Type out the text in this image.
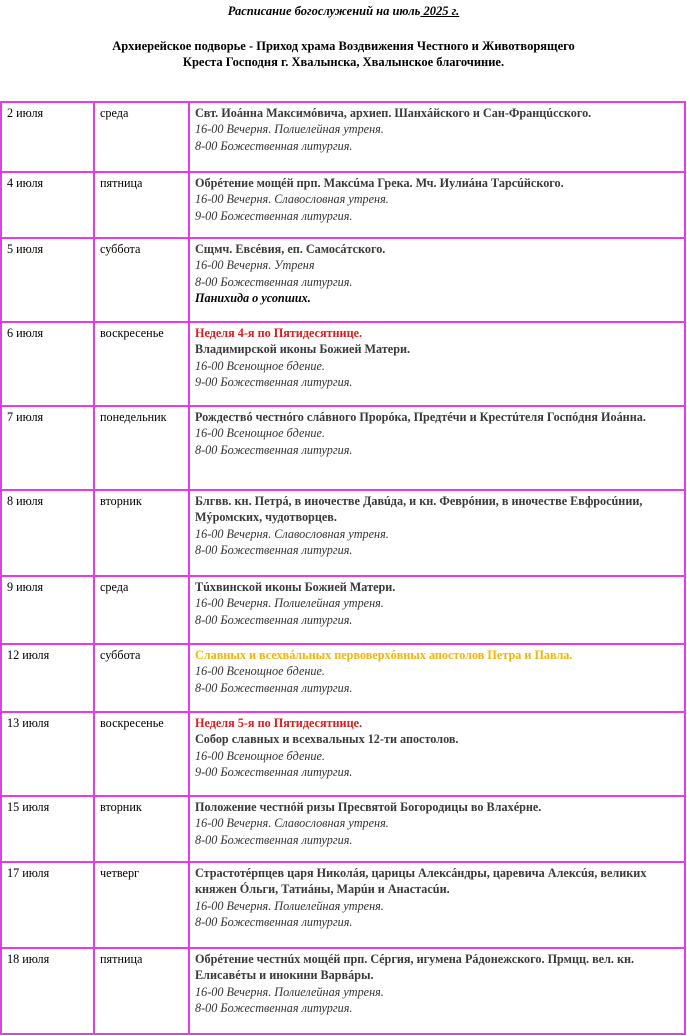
Расписание богослужений на июль 2025 г.
Архиерейское подворье - Приход храма Воздвижения Честного и Животворящего
Креста Господня г. Хвалынска, Хвалынское благочиние.
2 июля	среда	Свт. Иоáнна Максимóвича, архиеп. Шанхáйского и Сан-Францúсского.
16-00 Вечерня. Полиелейная утреня.
8-00 Божественная литургия.

4 июля	пятница	Обрéтение мощéй прп. Максúма Грека. Мч. Иулиáна Тарсúйского.
16-00 Вечерня. Славословная утреня.
9-00 Божественная литургия.

5 июля	суббота	Сщмч. Евсéвия, еп. Самосáтского.
16-00 Вечерня. Утреня
8-00 Божественная литургия.
Панихида о усопших.

6 июля	воскресенье	Неделя 4-я по Пятидесятнице.
Владимирской иконы Божией Матери.
16-00 Всенощное бдение.
9-00 Божественная литургия.

7 июля	понедельник	Рождествó честнóго слáвного Прорóка, Предтéчи и Крестúтеля Госпóдня Иоáнна.
16-00 Всенощное бдение.
8-00 Божественная литургия.

8 июля	вторник	Блгвв. кн. Петрá, в иночестве Давúда, и кн. Феврóнии, в иночестве Евфросúнии, Мýромских, чудотворцев.
16-00 Вечерня. Славословная утреня.
8-00 Божественная литургия.

9 июля	среда	Тúхвинской иконы Божией Матери.
16-00 Вечерня. Полиелейная утреня.
8-00 Божественная литургия.

12 июля	суббота	Славных и всехвáльных первоверхóвных апостолов Петра и Павла.
16-00 Всенощное бдение.
8-00 Божественная литургия.

13 июля	воскресенье	Неделя 5-я по Пятидесятнице.
Собор славных и всехвальных 12-ти апостолов.
16-00 Всенощное бдение.
9-00 Божественная литургия.

15 июля	вторник	Положение честнóй ризы Пресвятой Богородицы во Влахéрне.
16-00 Вечерня. Славословная утреня.
8-00 Божественная литургия.

17 июля	четверг	Страстотéрпцев царя Николáя, царицы Алексáндры, царевича Алексúя, великих княжен Óльги, Татиáны, Марúи и Анастасúи.
16-00 Вечерня. Полиелейная утреня.
8-00 Божественная литургия.

18 июля	пятница	Обрéтение честнúх мощéй прп. Сéргия, игумена Рáдонежского. Прмцц. вел. кн. Елисавéты и инокини Варвáры.
16-00 Вечерня. Полиелейная утреня.
8-00 Божественная литургия.
